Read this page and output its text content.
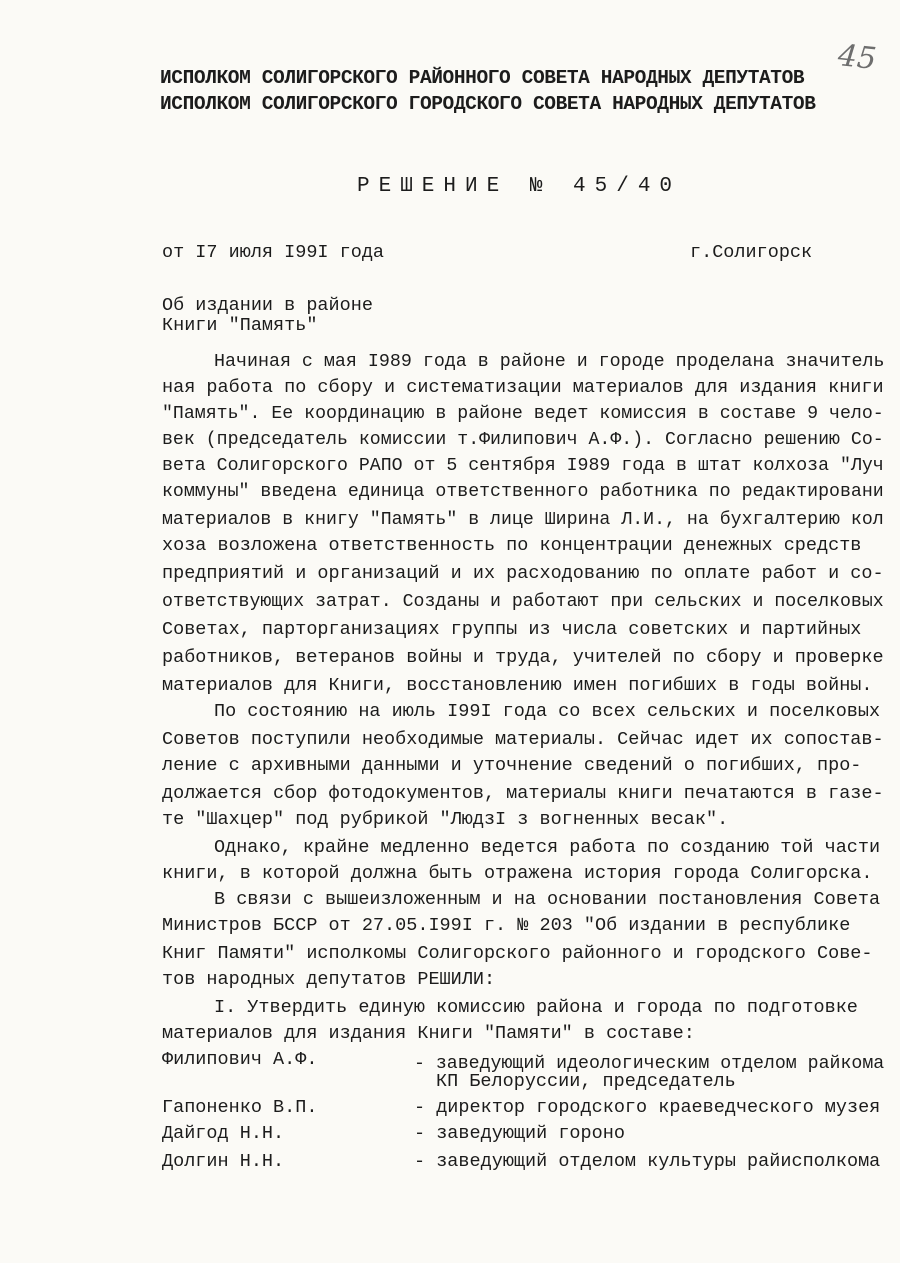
45
ИСПОЛКОМ СОЛИГОРСКОГО РАЙОННОГО СОВЕТА НАРОДНЫХ ДЕПУТАТОВ
ИСПОЛКОМ СОЛИГОРСКОГО ГОРОДСКОГО СОВЕТА НАРОДНЫХ ДЕПУТАТОВ
РЕШЕНИЕ № 45/40
от I7 июля I99I года	г.Солигорск
Об издании в районе
Книги "Память"
Начиная с мая I989 года в районе и городе проделана значитель
ная работа по сбору и систематизации материалов для издания книги
"Память". Ее координацию в районе ведет комиссия в составе 9 чело-
век (председатель комиссии т.Филипович А.Ф.). Согласно решению Со-
вета Солигорского РАПО от 5 сентября I989 года в штат колхоза "Луч
коммуны" введена единица ответственного работника по редактировани
материалов в книгу "Память" в лице Ширина Л.И., на бухгалтерию кол
хоза возложена ответственность по концентрации денежных средств
предприятий и организаций и их расходованию по оплате работ и со-
ответствующих затрат. Созданы и работают при сельских и поселковых
Советах, парторганизациях группы из числа советских и партийных
работников, ветеранов войны и труда, учителей по сбору и проверке
материалов для Книги, восстановлению имен погибших в годы войны.
По состоянию на июль I99I года со всех сельских и поселковых
Советов поступили необходимые материалы. Сейчас идет их сопостав-
ление с архивными данными и уточнение сведений о погибших, про-
должается сбор фотодокументов, материалы книги печатаются в газе-
те "Шахцер" под рубрикой "ЛюдзI з вогненных весак".
Однако, крайне медленно ведется работа по созданию той части
книги, в которой должна быть отражена история города Солигорска.
В связи с вышеизложенным и на основании постановления Совета
Министров БССР от 27.05.I99I г. № 203 "Об издании в республике
Книг Памяти" исполкомы Солигорского районного и городского Сове-
тов народных депутатов РЕШИЛИ:
I. Утвердить единую комиссию района и города по подготовке
материалов для издания Книги "Памяти" в составе:
Филипович А.Ф.	- заведующий идеологическим отделом райкома
КП Белоруссии, председатель
Гапоненко В.П.	- директор городского краеведческого музея
Дайгод Н.Н.	- заведующий гороно
Долгин Н.Н.	- заведующий отделом культуры райисполкома
